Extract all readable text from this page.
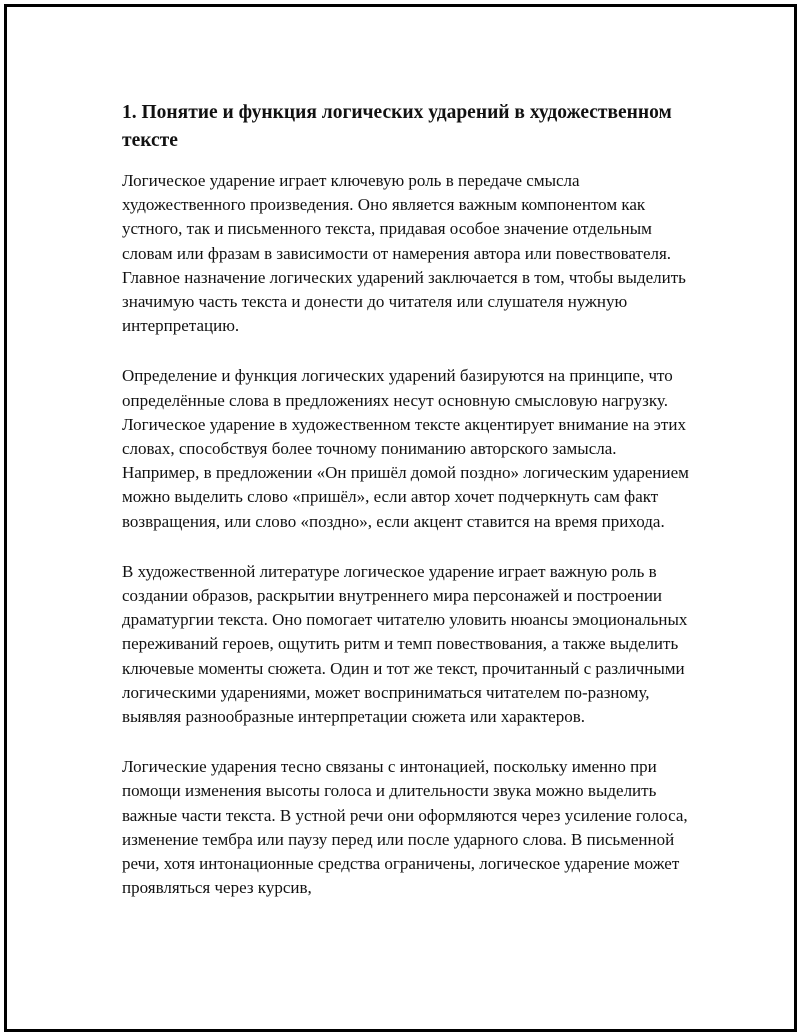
1. Понятие и функция логических ударений в художественном тексте

Логическое ударение играет ключевую роль в передаче смысла художественного произведения. Оно является важным компонентом как устного, так и письменного текста, придавая особое значение отдельным словам или фразам в зависимости от намерения автора или повествователя. Главное назначение логических ударений заключается в том, чтобы выделить значимую часть текста и донести до читателя или слушателя нужную интерпретацию.

Определение и функция логических ударений базируются на принципе, что определённые слова в предложениях несут основную смысловую нагрузку. Логическое ударение в художественном тексте акцентирует внимание на этих словах, способствуя более точному пониманию авторского замысла. Например, в предложении «Он пришёл домой поздно» логическим ударением можно выделить слово «пришёл», если автор хочет подчеркнуть сам факт возвращения, или слово «поздно», если акцент ставится на время прихода.

В художественной литературе логическое ударение играет важную роль в создании образов, раскрытии внутреннего мира персонажей и построении драматургии текста. Оно помогает читателю уловить нюансы эмоциональных переживаний героев, ощутить ритм и темп повествования, а также выделить ключевые моменты сюжета. Один и тот же текст, прочитанный с различными логическими ударениями, может восприниматься читателем по-разному, выявляя разнообразные интерпретации сюжета или характеров.

Логические ударения тесно связаны с интонацией, поскольку именно при помощи изменения высоты голоса и длительности звука можно выделить важные части текста. В устной речи они оформляются через усиление голоса, изменение тембра или паузу перед или после ударного слова. В письменной речи, хотя интонационные средства ограничены, логическое ударение может проявляться через курсив,
